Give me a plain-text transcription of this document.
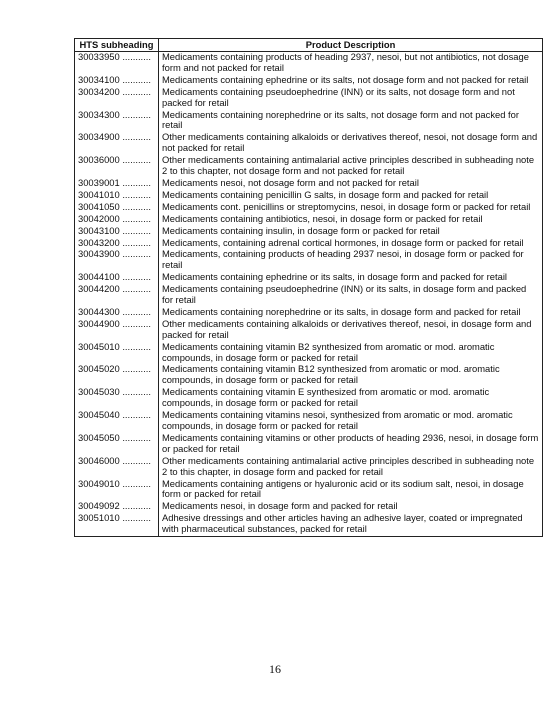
HTS subheading	Product Description
30033950 ...........	Medicaments containing products of heading 2937, nesoi, but not antibiotics, not dosage form and not packed for retail
30034100 ...........	Medicaments containing ephedrine or its salts, not dosage form and not packed for retail
30034200 ...........	Medicaments containing pseudoephedrine (INN) or its salts, not dosage form and not packed for retail
30034300 ...........	Medicaments containing norephedrine or its salts, not dosage form and not packed for retail
30034900 ...........	Other medicaments containing alkaloids or derivatives thereof, nesoi, not dosage form and not packed for retail
30036000 ...........	Other medicaments containing antimalarial active principles described in subheading note 2 to this chapter, not dosage form and not packed for retail
30039001 ...........	Medicaments nesoi, not dosage form and not packed for retail
30041010 ...........	Medicaments containing penicillin G salts, in dosage form and packed for retail
30041050 ...........	Medicaments cont. penicillins or streptomycins, nesoi, in dosage form or packed for retail
30042000 ...........	Medicaments containing antibiotics, nesoi, in dosage form or packed for retail
30043100 ...........	Medicaments containing insulin, in dosage form or packed for retail
30043200 ...........	Medicaments, containing adrenal cortical hormones, in dosage form or packed for retail
30043900 ...........	Medicaments, containing products of heading 2937 nesoi, in dosage form or packed for retail
30044100 ...........	Medicaments containing ephedrine or its salts, in dosage form and packed for retail
30044200 ...........	Medicaments containing pseudoephedrine (INN) or its salts, in dosage form and packed for retail
30044300 ...........	Medicaments containing norephedrine or its salts, in dosage form and packed for retail
30044900 ...........	Other medicaments containing alkaloids or derivatives thereof, nesoi, in dosage form and packed for retail
30045010 ...........	Medicaments containing vitamin B2 synthesized from aromatic or mod. aromatic compounds, in dosage form or packed for retail
30045020 ...........	Medicaments containing vitamin B12 synthesized from aromatic or mod. aromatic compounds, in dosage form or packed for retail
30045030 ...........	Medicaments containing vitamin E synthesized from aromatic or mod. aromatic compounds, in dosage form or packed for retail
30045040 ...........	Medicaments containing vitamins nesoi, synthesized from aromatic or mod. aromatic compounds, in dosage form or packed for retail
30045050 ...........	Medicaments containing vitamins or other products of heading 2936, nesoi, in dosage form or packed for retail
30046000 ...........	Other medicaments containing antimalarial active principles described in subheading note 2 to this chapter, in dosage form and packed for retail
30049010 ...........	Medicaments containing antigens or hyaluronic acid or its sodium salt, nesoi, in dosage form or packed for retail
30049092 ...........	Medicaments nesoi, in dosage form and packed for retail
30051010 ...........	Adhesive dressings and other articles having an adhesive layer, coated or impregnated with pharmaceutical substances, packed for retail
16
